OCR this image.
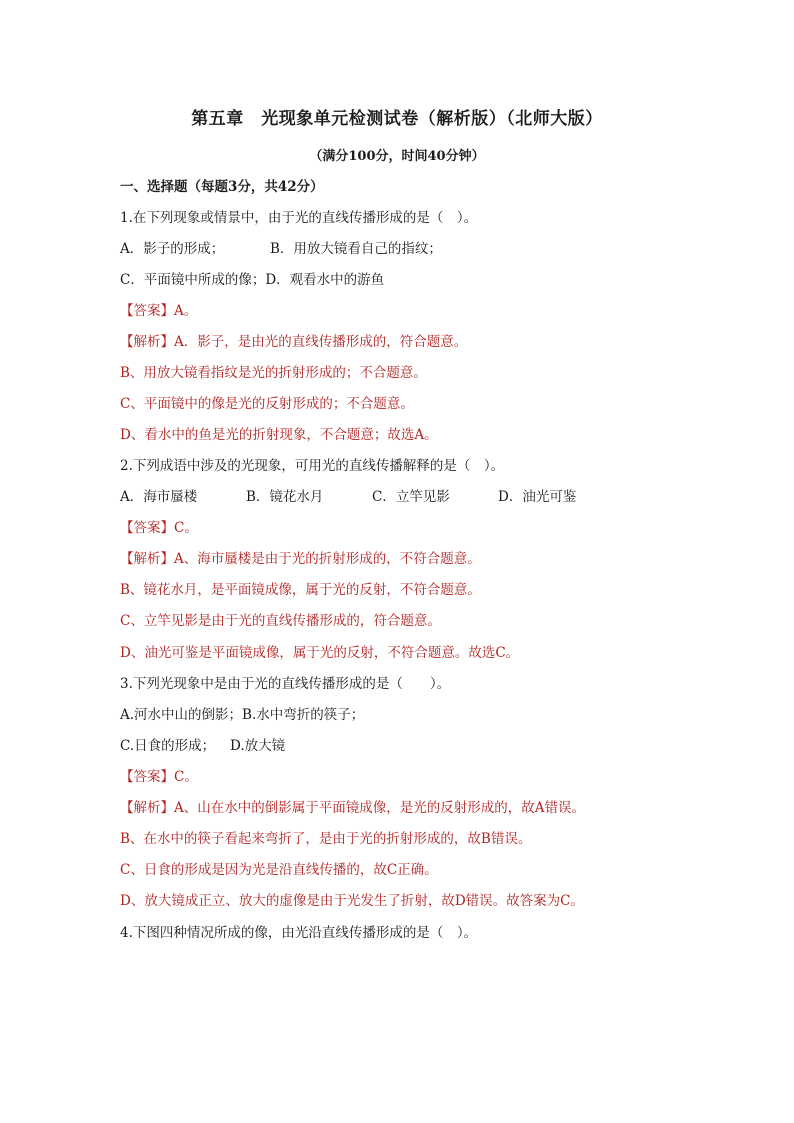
第五章　光现象单元检测试卷（解析版）（北师大版）
（满分100分，时间40分钟）
一、选择题（每题3分，共42分）
1.在下列现象或情景中，由于光的直线传播形成的是（　）。
A．影子的形成；	B．用放大镜看自己的指纹；
C．平面镜中所成的像；D．观看水中的游鱼
【答案】A。
【解析】A．影子，是由光的直线传播形成的，符合题意。
B、用放大镜看指纹是光的折射形成的；不合题意。
C、平面镜中的像是光的反射形成的；不合题意。
D、看水中的鱼是光的折射现象，不合题意；故选A。
2.下列成语中涉及的光现象，可用光的直线传播解释的是（　）。
A．海市蜃楼	B．镜花水月	C．立竿见影	D．油光可鉴
【答案】C。
【解析】A、海市蜃楼是由于光的折射形成的，不符合题意。
B、镜花水月，是平面镜成像，属于光的反射，不符合题意。
C、立竿见影是由于光的直线传播形成的，符合题意。
D、油光可鉴是平面镜成像，属于光的反射，不符合题意。故选C。
3.下列光现象中是由于光的直线传播形成的是（　　）。
A.河水中山的倒影；B.水中弯折的筷子；
C.日食的形成； D.放大镜
【答案】C。
【解析】A、山在水中的倒影属于平面镜成像，是光的反射形成的，故A错误。
B、在水中的筷子看起来弯折了，是由于光的折射形成的，故B错误。
C、日食的形成是因为光是沿直线传播的，故C正确。
D、放大镜成正立、放大的虚像是由于光发生了折射，故D错误。故答案为C。
4.下图四种情况所成的像，由光沿直线传播形成的是（　）。
